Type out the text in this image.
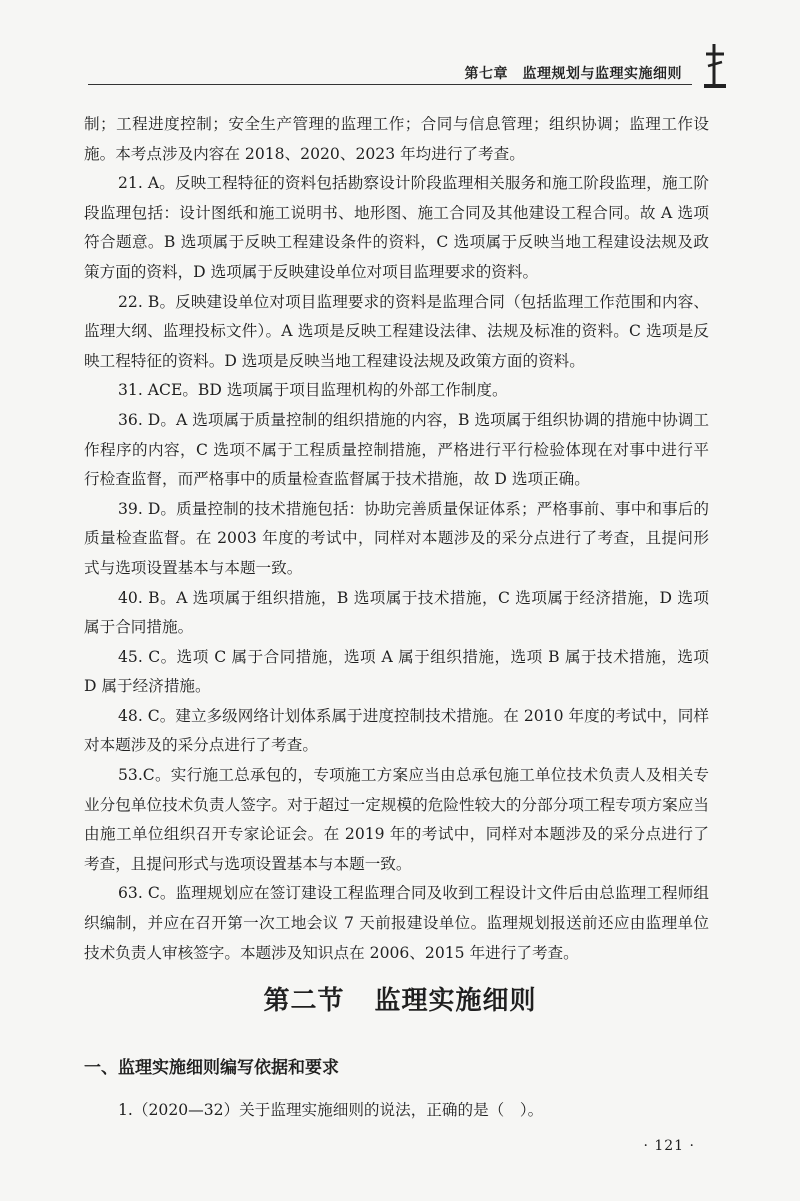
第七章　监理规划与监理实施细则

制；工程进度控制；安全生产管理的监理工作；合同与信息管理；组织协调；监理工作设施。本考点涉及内容在 2018、2020、2023 年均进行了考查。

21. A。反映工程特征的资料包括勘察设计阶段监理相关服务和施工阶段监理，施工阶段监理包括：设计图纸和施工说明书、地形图、施工合同及其他建设工程合同。故 A 选项符合题意。B 选项属于反映工程建设条件的资料，C 选项属于反映当地工程建设法规及政策方面的资料，D 选项属于反映建设单位对项目监理要求的资料。

22. B。反映建设单位对项目监理要求的资料是监理合同（包括监理工作范围和内容、监理大纲、监理投标文件）。A 选项是反映工程建设法律、法规及标准的资料。C 选项是反映工程特征的资料。D 选项是反映当地工程建设法规及政策方面的资料。

31. ACE。BD 选项属于项目监理机构的外部工作制度。

36. D。A 选项属于质量控制的组织措施的内容，B 选项属于组织协调的措施中协调工作程序的内容，C 选项不属于工程质量控制措施，严格进行平行检验体现在对事中进行平行检查监督，而严格事中的质量检查监督属于技术措施，故 D 选项正确。

39. D。质量控制的技术措施包括：协助完善质量保证体系；严格事前、事中和事后的质量检查监督。在 2003 年度的考试中，同样对本题涉及的采分点进行了考查，且提问形式与选项设置基本与本题一致。

40. B。A 选项属于组织措施，B 选项属于技术措施，C 选项属于经济措施，D 选项属于合同措施。

45. C。选项 C 属于合同措施，选项 A 属于组织措施，选项 B 属于技术措施，选项 D 属于经济措施。

48. C。建立多级网络计划体系属于进度控制技术措施。在 2010 年度的考试中，同样对本题涉及的采分点进行了考查。

53.C。实行施工总承包的，专项施工方案应当由总承包施工单位技术负责人及相关专业分包单位技术负责人签字。对于超过一定规模的危险性较大的分部分项工程专项方案应当由施工单位组织召开专家论证会。在 2019 年的考试中，同样对本题涉及的采分点进行了考查，且提问形式与选项设置基本与本题一致。

63. C。监理规划应在签订建设工程监理合同及收到工程设计文件后由总监理工程师组织编制，并应在召开第一次工地会议 7 天前报建设单位。监理规划报送前还应由监理单位技术负责人审核签字。本题涉及知识点在 2006、2015 年进行了考查。

第二节 监理实施细则
一、监理实施细则编写依据和要求
1.（2020—32）关于监理实施细则的说法，正确的是（　）。
· 121 ·
